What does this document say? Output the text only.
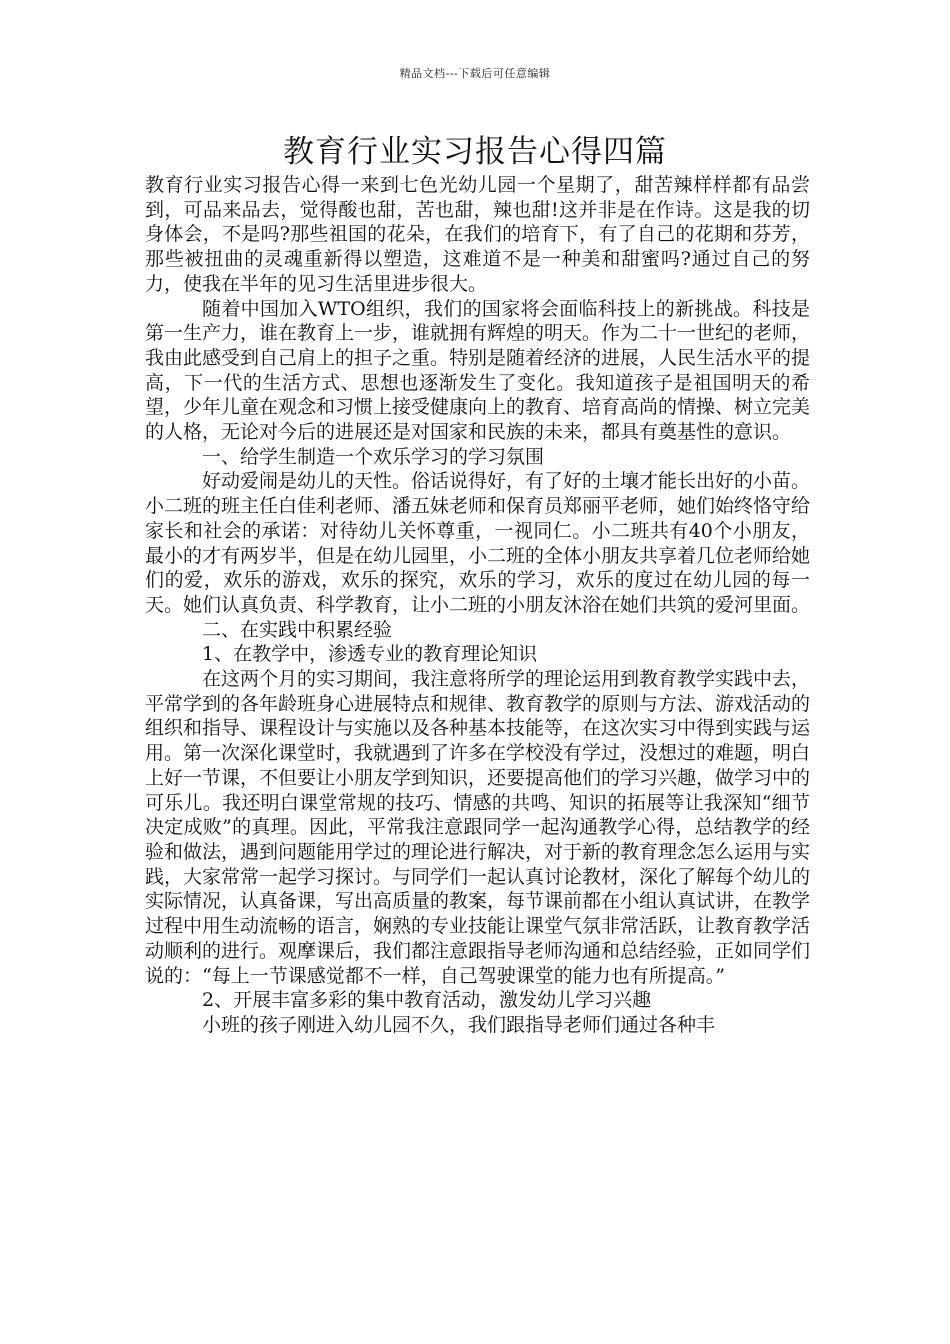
精品文档---下载后可任意编辑
教育行业实习报告心得四篇

教育行业实习报告心得一来到七色光幼儿园一个星期了，甜苦辣样样都有品尝到，可品来品去，觉得酸也甜，苦也甜，辣也甜!这并非是在作诗。这是我的切身体会，不是吗?那些祖国的花朵，在我们的培育下，有了自己的花期和芬芳，那些被扭曲的灵魂重新得以塑造，这难道不是一种美和甜蜜吗?通过自己的努力，使我在半年的见习生活里进步很大。

随着中国加入WTO组织，我们的国家将会面临科技上的新挑战。科技是第一生产力，谁在教育上一步，谁就拥有辉煌的明天。作为二十一世纪的老师，我由此感受到自己肩上的担子之重。特别是随着经济的进展，人民生活水平的提高，下一代的生活方式、思想也逐渐发生了变化。我知道孩子是祖国明天的希望，少年儿童在观念和习惯上接受健康向上的教育、培育高尚的情操、树立完美的人格，无论对今后的进展还是对国家和民族的未来，都具有奠基性的意识。

一、给学生制造一个欢乐学习的学习氛围

好动爱闹是幼儿的天性。俗话说得好，有了好的土壤才能长出好的小苗。小二班的班主任白佳利老师、潘五妹老师和保育员郑丽平老师，她们始终恪守给家长和社会的承诺：对待幼儿关怀尊重，一视同仁。小二班共有40个小朋友，最小的才有两岁半，但是在幼儿园里，小二班的全体小朋友共享着几位老师给她们的爱，欢乐的游戏，欢乐的探究，欢乐的学习，欢乐的度过在幼儿园的每一天。她们认真负责、科学教育，让小二班的小朋友沐浴在她们共筑的爱河里面。

二、在实践中积累经验

1、在教学中，渗透专业的教育理论知识

在这两个月的实习期间，我注意将所学的理论运用到教育教学实践中去，平常学到的各年龄班身心进展特点和规律、教育教学的原则与方法、游戏活动的组织和指导、课程设计与实施以及各种基本技能等，在这次实习中得到实践与运用。第一次深化课堂时，我就遇到了许多在学校没有学过，没想过的难题，明白上好一节课，不但要让小朋友学到知识，还要提高他们的学习兴趣，做学习中的可乐儿。我还明白课堂常规的技巧、情感的共鸣、知识的拓展等让我深知“细节决定成败”的真理。因此，平常我注意跟同学一起沟通教学心得，总结教学的经验和做法，遇到问题能用学过的理论进行解决，对于新的教育理念怎么运用与实践，大家常常一起学习探讨。与同学们一起认真讨论教材，深化了解每个幼儿的实际情况，认真备课，写出高质量的教案，每节课前都在小组认真试讲，在教学过程中用生动流畅的语言，娴熟的专业技能让课堂气氛非常活跃，让教育教学活动顺利的进行。观摩课后，我们都注意跟指导老师沟通和总结经验，正如同学们说的：“每上一节课感觉都不一样，自己驾驶课堂的能力也有所提高。”

2、开展丰富多彩的集中教育活动，激发幼儿学习兴趣

小班的孩子刚进入幼儿园不久，我们跟指导老师们通过各种丰
